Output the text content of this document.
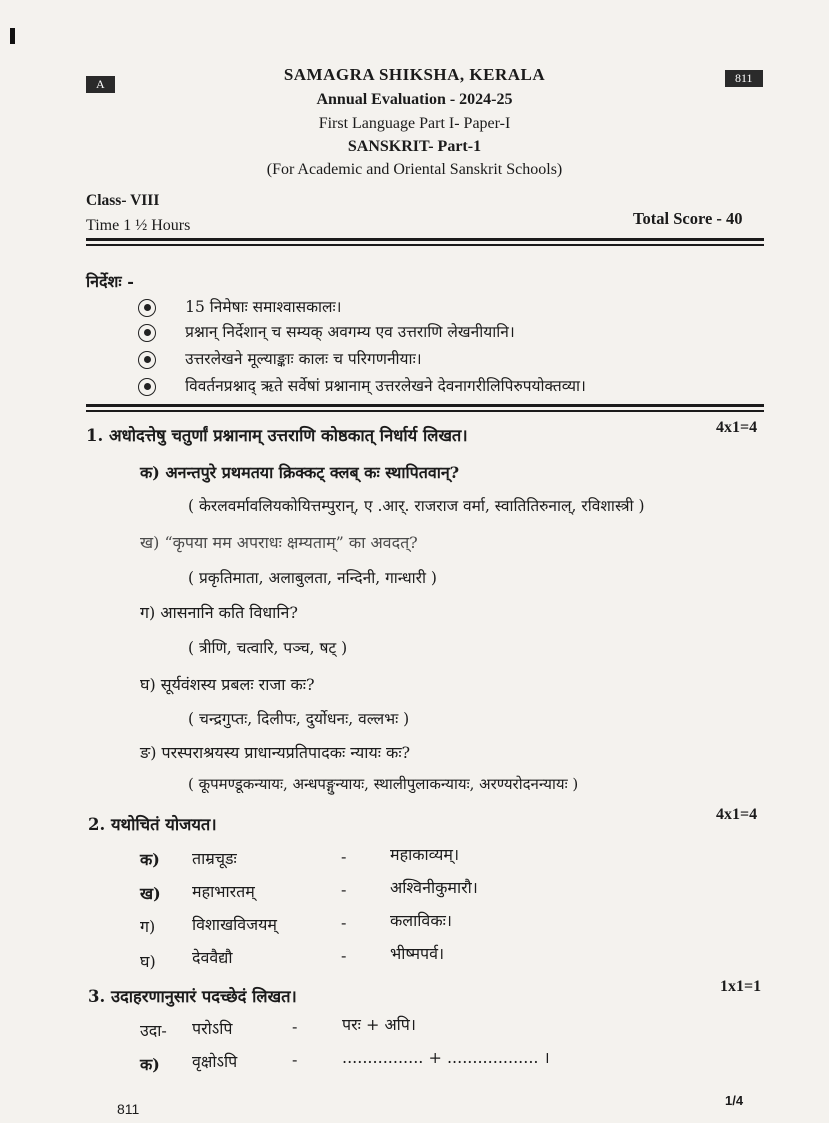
A	811
SAMAGRA SHIKSHA, KERALA
Annual Evaluation - 2024-25
First Language Part I- Paper-I
SANSKRIT- Part-1
(For Academic and Oriental Sanskrit Schools)
Class- VIII
Time 1 ½ Hours	Total Score - 40
निर्देशः -
15 निमेषाः समाश्वासकालः।
प्रश्नान् निर्देशान् च सम्यक् अवगम्य एव उत्तराणि लेखनीयानि।
उत्तरलेखने मूल्याङ्काः कालः च परिगणनीयाः।
विवर्तनप्रश्नाद् ऋते सर्वेषां प्रश्नानाम् उत्तरलेखने देवनागरीलिपिरुपयोक्तव्या।
1. अधोदत्तेषु चतुर्णां प्रश्नानाम् उत्तराणि कोष्ठकात् निर्धार्य लिखत।	4x1=4
क) अनन्तपुरे प्रथमतया क्रिक्कट् क्लब् कः स्थापितवान्?
( केरलवर्मावलियकोयित्तम्पुरान्, ए .आर्. राजराज वर्मा, स्वातितिरुनाल्, रविशास्त्री )
ख) “कृपया मम अपराधः क्षम्यताम्” का अवदत्?
( प्रकृतिमाता, अलाबुलता, नन्दिनी, गान्धारी )
ग) आसनानि कति विधानि?
( त्रीणि, चत्वारि, पञ्च, षट् )
घ) सूर्यवंशस्य प्रबलः राजा कः?
( चन्द्रगुप्तः, दिलीपः, दुर्योधनः, वल्लभः )
ङ) परस्पराश्रयस्य प्राधान्यप्रतिपादकः न्यायः कः?
( कूपमण्डूकन्यायः, अन्धपङ्गुन्यायः, स्थालीपुलाकन्यायः, अरण्यरोदनन्यायः )
2. यथोचितं योजयत।
4x1=4
क) ताम्रचूडः	-	महाकाव्यम्।
ख) महाभारतम्	-	अश्विनीकुमारौ।
ग) विशाखविजयम्	-	कलाविकः।
घ) देववैद्यौ	-	भीष्मपर्व।
3. उदाहरणानुसारं पदच्छेदं लिखत।
1x1=1
उदा- परोऽपि	-	परः + अपि।
क) वृक्षोऽपि	-	................ + .................. ।
811
1/4
